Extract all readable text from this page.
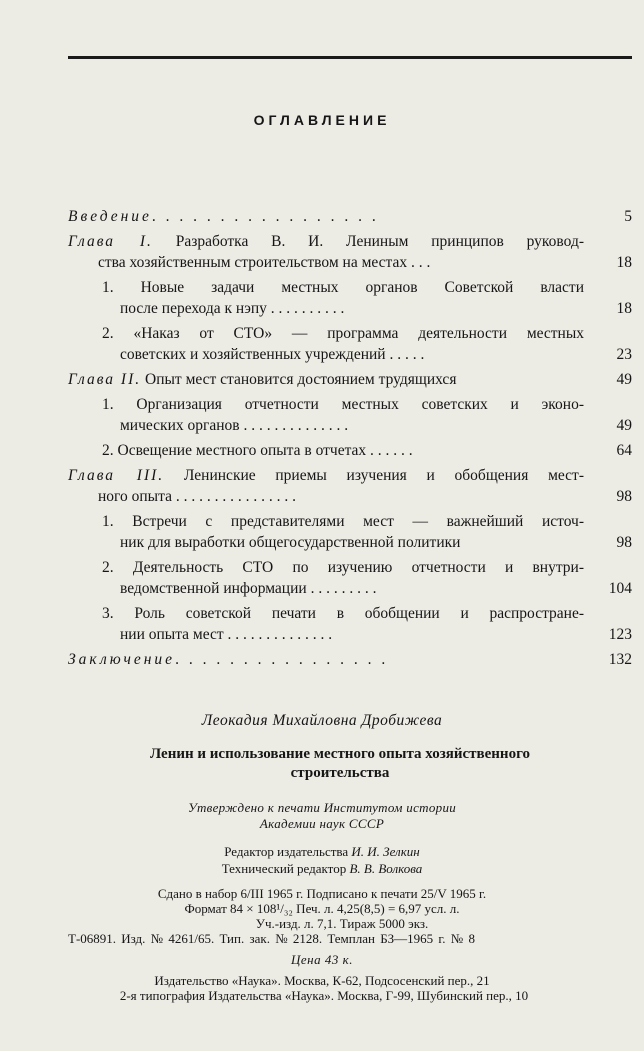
ОГЛАВЛЕНИЕ
Введение. . . . . . . . . . . . . . . . .	5
Глава I. Разработка В. И. Лениным принципов руковод-
ства хозяйственным строительством на местах . . .	18
1. Новые задачи местных органов Советской власти
после перехода к нэпу . . . . . . . . . .	18
2. «Наказ от СТО» — программа деятельности местных
советских и хозяйственных учреждений . . . . .	23
Глава II. Опыт мест становится достоянием трудящихся	49
1. Организация отчетности местных советских и эконо-
мических органов . . . . . . . . . . . . . .	49
2. Освещение местного опыта в отчетах . . . . . .	64
Глава III. Ленинские приемы изучения и обобщения мест-
ного опыта . . . . . . . . . . . . . . . .	98
1. Встречи с представителями мест — важнейший источ-
ник для выработки общегосударственной политики	98
2. Деятельность СТО по изучению отчетности и внутри-
ведомственной информации . . . . . . . . .	104
3. Роль советской печати в обобщении и распростране-
нии опыта мест . . . . . . . . . . . . . .	123
Заключение. . . . . . . . . . . . . . . .	132
Леокадия Михайловна Дробижева
Ленин и использование местного опыта хозяйственного строительства
Утверждено к печати Институтом истории
Академии наук СССР
Редактор издательства И. И. Зелкин
Технический редактор В. В. Волкова
Сдано в набор 6/III 1965 г. Подписано к печати 25/V 1965 г.
Формат 84 × 108¹/₃₂ Печ. л. 4,25(8,5) = 6,97 усл. л.
Уч.-изд. л. 7,1. Тираж 5000 экз.
Т-06891. Изд. № 4261/65. Тип. зак. № 2128. Темплан БЗ—1965 г. № 8
Цена 43 к.
Издательство «Наука». Москва, К-62, Подсосенский пер., 21

2-я типография Издательства «Наука». Москва, Г-99, Шубинский пер., 10
